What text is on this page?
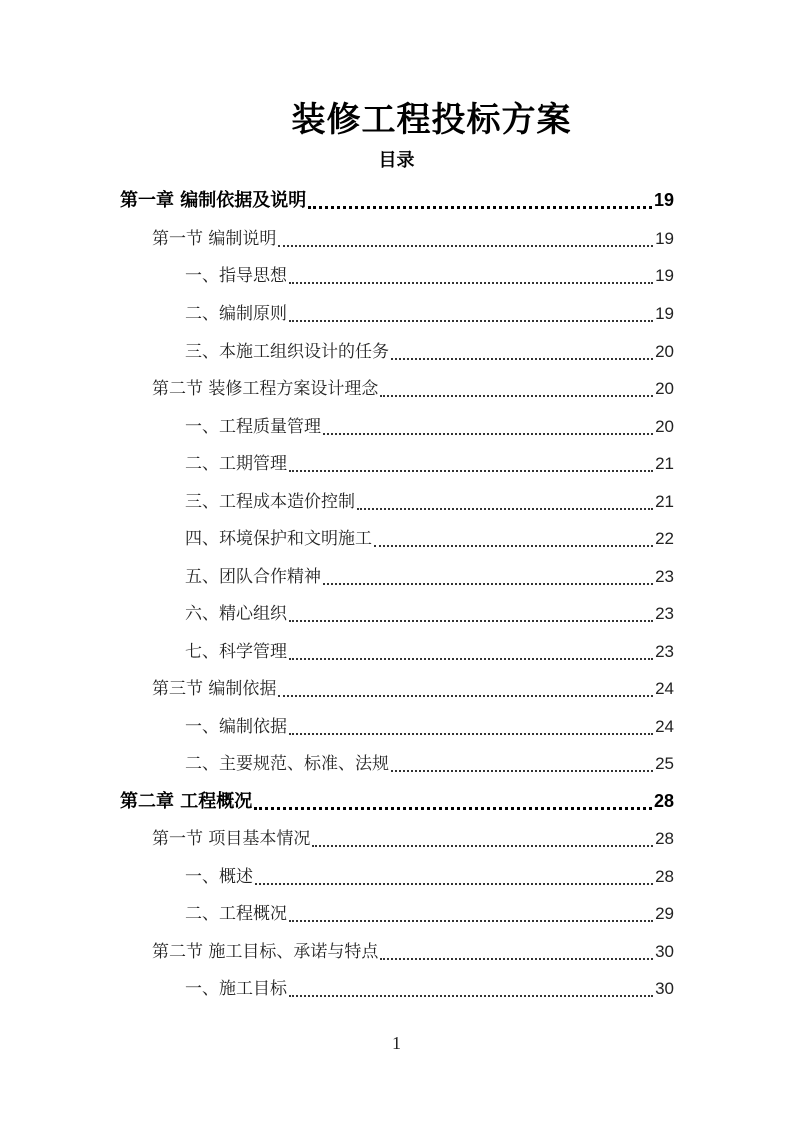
装修工程投标方案
目录
第一章 编制依据及说明	19
第一节 编制说明	19
一、指导思想	19
二、编制原则	19
三、本施工组织设计的任务	20
第二节 装修工程方案设计理念	20
一、工程质量管理	20
二、工期管理	21
三、工程成本造价控制	21
四、环境保护和文明施工	22
五、团队合作精神	23
六、精心组织	23
七、科学管理	23
第三节 编制依据	24
一、编制依据	24
二、主要规范、标准、法规	25
第二章 工程概况	28
第一节 项目基本情况	28
一、概述	28
二、工程概况	29
第二节 施工目标、承诺与特点	30
一、施工目标	30
1
